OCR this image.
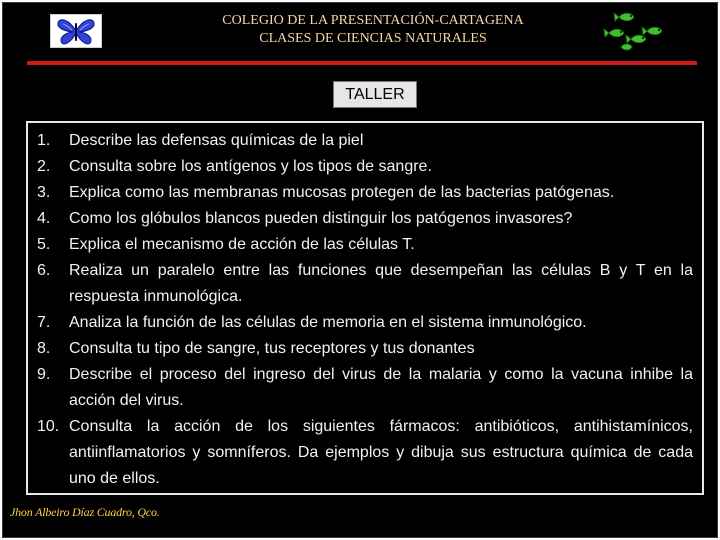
COLEGIO DE LA PRESENTACIÓN-CARTAGENA
CLASES DE CIENCIAS NATURALES
TALLER
1.	Describe las defensas químicas de la piel
2.	Consulta sobre los antígenos y los tipos de sangre.
3.	Explica como las membranas mucosas protegen de las bacterias patógenas.
4.	Como los glóbulos blancos pueden distinguir los patógenos invasores?
5.	Explica el mecanismo de acción de las células T.
6.	Realiza un paralelo entre las funciones que desempeñan las células B y T en la respuesta inmunológica.
7.	Analiza la función de las células de memoria en el sistema inmunológico.
8.	Consulta tu tipo de sangre, tus receptores y tus donantes
9.	Describe el proceso del ingreso del virus de la malaria y como la vacuna inhibe la acción del virus.
10. Consulta la acción de los siguientes fármacos: antibióticos, antihistamínicos, antiinflamatorios y somníferos. Da ejemplos y dibuja sus estructura química de cada uno de ellos.
Jhon Albeiro Díaz Cuadro, Qco.
